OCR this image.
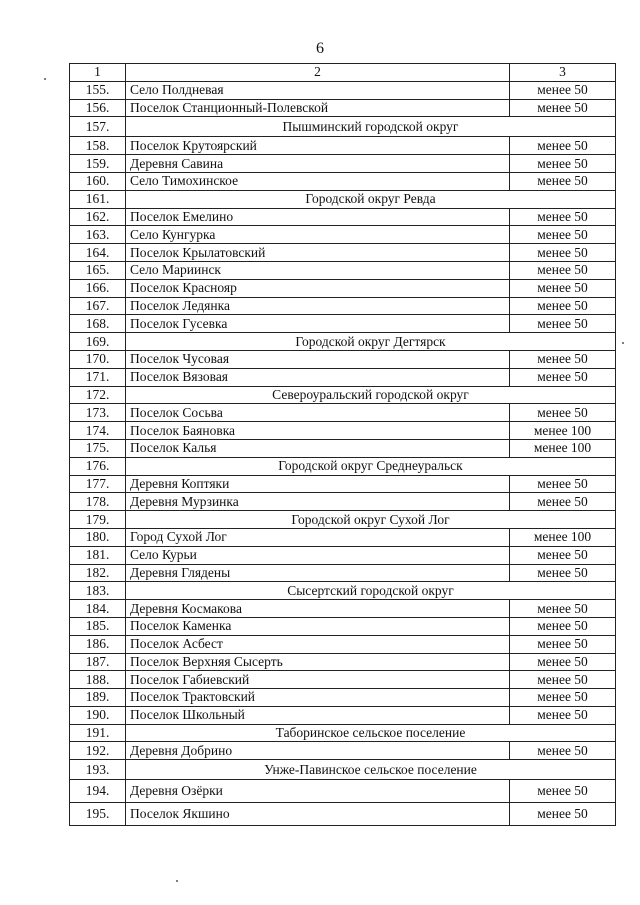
6
1	2	3
155.	Село Полдневая	менее 50
156.	Поселок Станционный-Полевской	менее 50
157.	Пышминский городской округ	
158.	Поселок Крутоярский	менее 50
159.	Деревня Савина	менее 50
160.	Село Тимохинское	менее 50
161.	Городской округ Ревда	
162.	Поселок Емелино	менее 50
163.	Село Кунгурка	менее 50
164.	Поселок Крылатовский	менее 50
165.	Село Мариинск	менее 50
166.	Поселок Краснояр	менее 50
167.	Поселок Ледянка	менее 50
168.	Поселок Гусевка	менее 50
169.	Городской округ Дегтярск	
170.	Поселок Чусовая	менее 50
171.	Поселок Вязовая	менее 50
172.	Североуральский городской округ	
173.	Поселок Сосьва	менее 50
174.	Поселок Баяновка	менее 100
175.	Поселок Калья	менее 100
176.	Городской округ Среднеуральск	
177.	Деревня Коптяки	менее 50
178.	Деревня Мурзинка	менее 50
179.	Городской округ Сухой Лог	
180.	Город Сухой Лог	менее 100
181.	Село Курьи	менее 50
182.	Деревня Глядены	менее 50
183.	Сысертский городской округ	
184.	Деревня Космакова	менее 50
185.	Поселок Каменка	менее 50
186.	Поселок Асбест	менее 50
187.	Поселок Верхняя Сысерть	менее 50
188.	Поселок Габиевский	менее 50
189.	Поселок Трактовский	менее 50
190.	Поселок Школьный	менее 50
191.	Таборинское сельское поселение	
192.	Деревня Добрино	менее 50
193.	Унже-Павинское сельское поселение	
194.	Деревня Озёрки	менее 50
195.	Поселок Якшино	менее 50
